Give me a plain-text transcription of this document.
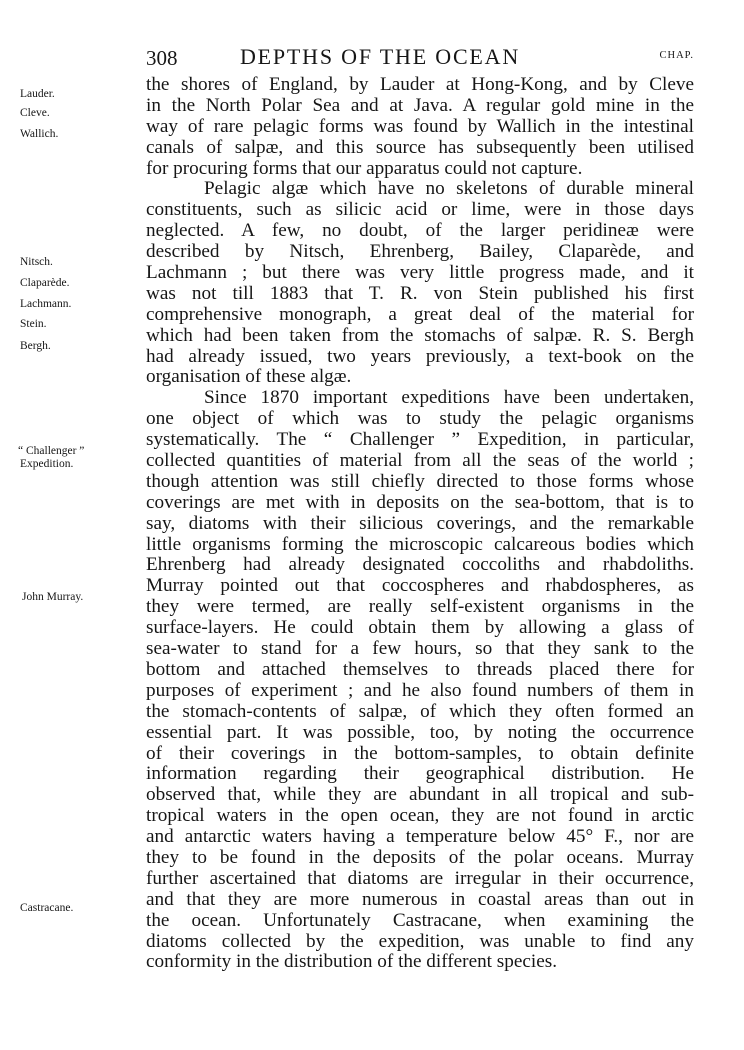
308	DEPTHS OF THE OCEAN	CHAP.
Lauder.
Cleve.
Wallich.
Nitsch.
Claparède.
Lachmann.
Stein.
Bergh.
“ Challenger ”
Expedition.
John Murray.
Castracane.
the shores of England, by Lauder at Hong-Kong, and by Cleve
in the North Polar Sea and at Java. A regular gold mine in the
way of rare pelagic forms was found by Wallich in the intestinal
canals of salpæ, and this source has subsequently been utilised
for procuring forms that our apparatus could not capture.
Pelagic algæ which have no skeletons of durable mineral
constituents, such as silicic acid or lime, were in those days
neglected. A few, no doubt, of the larger peridineæ were
described by Nitsch, Ehrenberg, Bailey, Claparède, and
Lachmann ; but there was very little progress made, and it
was not till 1883 that T. R. von Stein published his first
comprehensive monograph, a great deal of the material for
which had been taken from the stomachs of salpæ. R. S. Bergh
had already issued, two years previously, a text-book on the
organisation of these algæ.
Since 1870 important expeditions have been undertaken,
one object of which was to study the pelagic organisms
systematically. The “ Challenger ” Expedition, in particular,
collected quantities of material from all the seas of the world ;
though attention was still chiefly directed to those forms whose
coverings are met with in deposits on the sea-bottom, that is to
say, diatoms with their silicious coverings, and the remarkable
little organisms forming the microscopic calcareous bodies which
Ehrenberg had already designated coccoliths and rhabdoliths.
Murray pointed out that coccospheres and rhabdospheres, as
they were termed, are really self-existent organisms in the
surface-layers. He could obtain them by allowing a glass of
sea-water to stand for a few hours, so that they sank to the
bottom and attached themselves to threads placed there for
purposes of experiment ; and he also found numbers of them in
the stomach-contents of salpæ, of which they often formed an
essential part. It was possible, too, by noting the occurrence
of their coverings in the bottom-samples, to obtain definite
information regarding their geographical distribution. He
observed that, while they are abundant in all tropical and sub-
tropical waters in the open ocean, they are not found in arctic
and antarctic waters having a temperature below 45° F., nor are
they to be found in the deposits of the polar oceans. Murray
further ascertained that diatoms are irregular in their occurrence,
and that they are more numerous in coastal areas than out in
the ocean. Unfortunately Castracane, when examining the
diatoms collected by the expedition, was unable to find any
conformity in the distribution of the different species.
